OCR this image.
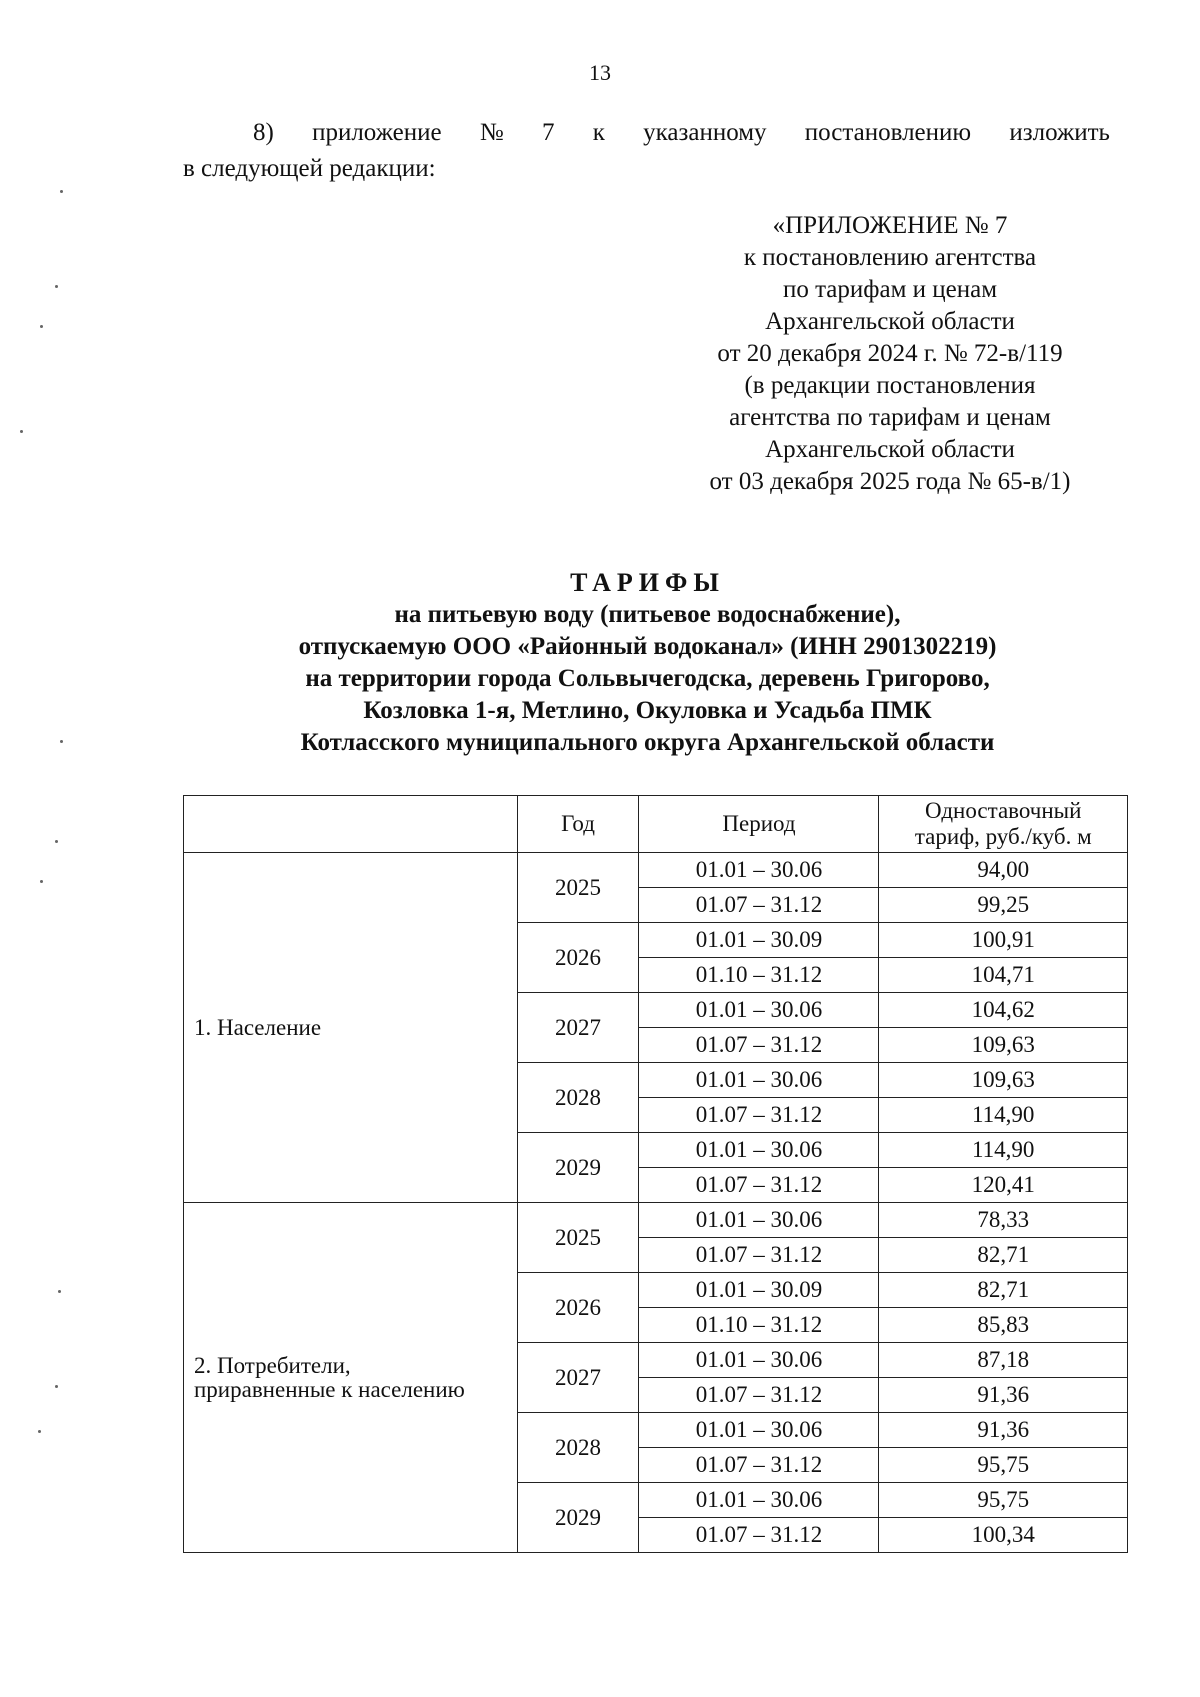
13
8) приложение № 7 к указанному постановлению изложить
в следующей редакции:
«ПРИЛОЖЕНИЕ № 7
к постановлению агентства
по тарифам и ценам
Архангельской области
от 20 декабря 2024 г. № 72-в/119
(в редакции постановления
агентства по тарифам и ценам
Архангельской области
от 03 декабря 2025 года № 65-в/1)
ТАРИФЫ
на питьевую воду (питьевое водоснабжение),
отпускаемую ООО «Районный водоканал» (ИНН 2901302219)
на территории города Сольвычегодска, деревень Григорово,
Козловка 1-я, Метлино, Окуловка и Усадьба ПМК
Котласского муниципального округа Архангельской области
	Год	Период	Одноставочный
тариф, руб./куб. м

1. Население	2025	01.01 – 30.06	94,00
		01.07 – 31.12	99,25
	2026	01.01 – 30.09	100,91
		01.10 – 31.12	104,71
	2027	01.01 – 30.06	104,62
		01.07 – 31.12	109,63
	2028	01.01 – 30.06	109,63
		01.07 – 31.12	114,90
	2029	01.01 – 30.06	114,90
		01.07 – 31.12	120,41

2. Потребители,
приравненные к населению	2025	01.01 – 30.06	78,33
		01.07 – 31.12	82,71
	2026	01.01 – 30.09	82,71
		01.10 – 31.12	85,83
	2027	01.01 – 30.06	87,18
		01.07 – 31.12	91,36
	2028	01.01 – 30.06	91,36
		01.07 – 31.12	95,75
	2029	01.01 – 30.06	95,75
		01.07 – 31.12	100,34
